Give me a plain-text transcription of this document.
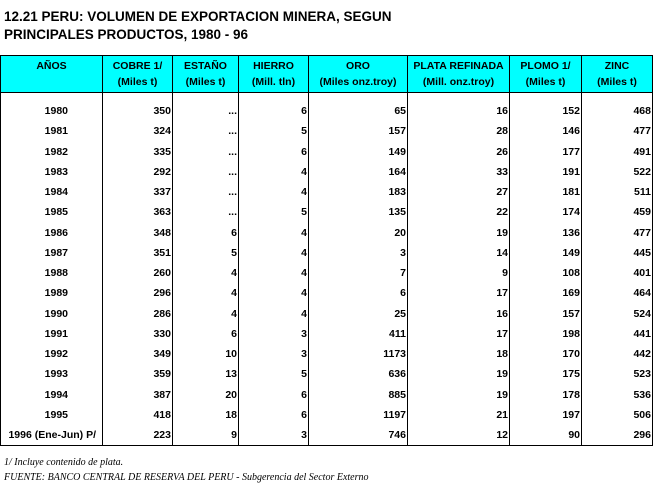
12.21 PERU: VOLUMEN DE EXPORTACION MINERA, SEGUN
PRINCIPALES PRODUCTOS, 1980 - 96
AÑOS	COBRE 1/	ESTAÑO	HIERRO	ORO	PLATA REFINADA	PLOMO 1/	ZINC
	(Miles t)	(Miles t)	(Mill. tln)	(Miles onz.troy)	(Mill. onz.troy)	(Miles t)	(Miles t)

1980	350	...	6	65	16	152	468
1981	324	...	5	157	28	146	477
1982	335	...	6	149	26	177	491
1983	292	...	4	164	33	191	522
1984	337	...	4	183	27	181	511
1985	363	...	5	135	22	174	459
1986	348	6	4	20	19	136	477
1987	351	5	4	3	14	149	445
1988	260	4	4	7	9	108	401
1989	296	4	4	6	17	169	464
1990	286	4	4	25	16	157	524
1991	330	6	3	411	17	198	441
1992	349	10	3	1173	18	170	442
1993	359	13	5	636	19	175	523
1994	387	20	6	885	19	178	536
1995	418	18	6	1197	21	197	506
1996 (Ene-Jun) P/	223	9	3	746	12	90	296
1/ Incluye contenido de plata.
FUENTE: BANCO CENTRAL DE RESERVA DEL PERU - Subgerencia del Sector Externo
